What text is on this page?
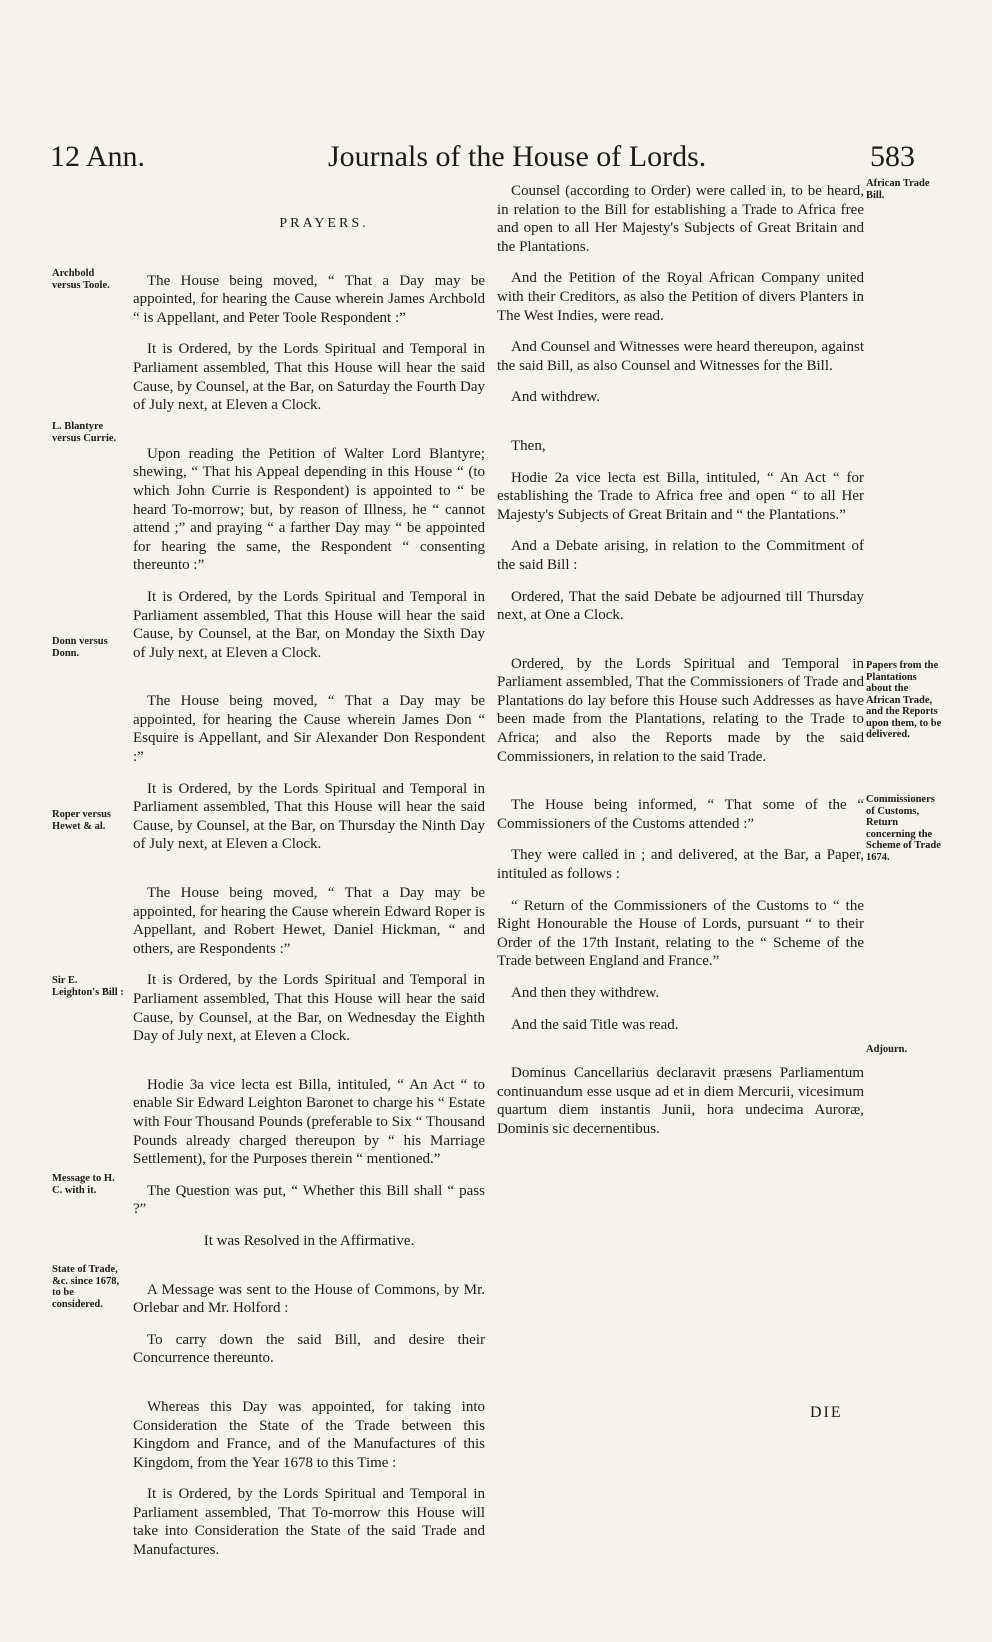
12 Ann.	Journals of the House of Lords.	583
PRAYERS.

The House being moved, “ That a Day may be appointed, for hearing the Cause wherein James Archbold “ is Appellant, and Peter Toole Respondent :”

It is Ordered, by the Lords Spiritual and Temporal in Parliament assembled, That this House will hear the said Cause, by Counsel, at the Bar, on Saturday the Fourth Day of July next, at Eleven a Clock.

Upon reading the Petition of Walter Lord Blantyre; shewing, “ That his Appeal depending in this House “ (to which John Currie is Respondent) is appointed to “ be heard To-morrow; but, by reason of Illness, he “ cannot attend ;” and praying “ a farther Day may “ be appointed for hearing the same, the Respondent “ consenting thereunto :”

It is Ordered, by the Lords Spiritual and Temporal in Parliament assembled, That this House will hear the said Cause, by Counsel, at the Bar, on Monday the Sixth Day of July next, at Eleven a Clock.

The House being moved, “ That a Day may be appointed, for hearing the Cause wherein James Don “ Esquire is Appellant, and Sir Alexander Don Respondent :”

It is Ordered, by the Lords Spiritual and Temporal in Parliament assembled, That this House will hear the said Cause, by Counsel, at the Bar, on Thursday the Ninth Day of July next, at Eleven a Clock.

The House being moved, “ That a Day may be appointed, for hearing the Cause wherein Edward Roper is Appellant, and Robert Hewet, Daniel Hickman, “ and others, are Respondents :”

It is Ordered, by the Lords Spiritual and Temporal in Parliament assembled, That this House will hear the said Cause, by Counsel, at the Bar, on Wednesday the Eighth Day of July next, at Eleven a Clock.

Hodie 3a vice lecta est Billa, intituled, “ An Act “ to enable Sir Edward Leighton Baronet to charge his “ Estate with Four Thousand Pounds (preferable to Six “ Thousand Pounds already charged thereupon by “ his Marriage Settlement), for the Purposes therein “ mentioned.”

The Question was put, “ Whether this Bill shall “ pass ?”

It was Resolved in the Affirmative.

A Message was sent to the House of Commons, by Mr. Orlebar and Mr. Holford :

To carry down the said Bill, and desire their Concurrence thereunto.

Whereas this Day was appointed, for taking into Consideration the State of the Trade between this Kingdom and France, and of the Manufactures of this Kingdom, from the Year 1678 to this Time :

It is Ordered, by the Lords Spiritual and Temporal in Parliament assembled, That To-morrow this House will take into Consideration the State of the said Trade and Manufactures.

Archbold versus Toole.
L. Blantyre versus Currie.
Donn versus Donn.
Roper versus Hewet & al.
Sir E. Leighton's Bill :
Message to H. C. with it.
State of Trade, &c. since 1678, to be considered.

Counsel (according to Order) were called in, to be heard, in relation to the Bill for establishing a Trade to Africa free and open to all Her Majesty's Subjects of Great Britain and the Plantations.

And the Petition of the Royal African Company united with their Creditors, as also the Petition of divers Planters in The West Indies, were read.

And Counsel and Witnesses were heard thereupon, against the said Bill, as also Counsel and Witnesses for the Bill.

And withdrew.

Then,

Hodie 2a vice lecta est Billa, intituled, “ An Act “ for establishing the Trade to Africa free and open “ to all Her Majesty's Subjects of Great Britain and “ the Plantations.”

And a Debate arising, in relation to the Commitment of the said Bill :

Ordered, That the said Debate be adjourned till Thursday next, at One a Clock.

Ordered, by the Lords Spiritual and Temporal in Parliament assembled, That the Commissioners of Trade and Plantations do lay before this House such Addresses as have been made from the Plantations, relating to the Trade to Africa; and also the Reports made by the said Commissioners, in relation to the said Trade.

The House being informed, “ That some of the “ Commissioners of the Customs attended :”

They were called in ; and delivered, at the Bar, a Paper, intituled as follows :

“ Return of the Commissioners of the Customs to “ the Right Honourable the House of Lords, pursuant “ to their Order of the 17th Instant, relating to the “ Scheme of the Trade between England and France.”

And then they withdrew.

And the said Title was read.

Dominus Cancellarius declaravit præsens Parliamentum continuandum esse usque ad et in diem Mercurii, vicesimum quartum diem instantis Junii, hora undecima Auroræ, Dominis sic decernentibus.

African Trade Bill.
Papers from the Plantations about the African Trade, and the Reports upon them, to be delivered.
Commissioners of Customs, Return concerning the Scheme of Trade 1674.
Adjourn.
DIE
